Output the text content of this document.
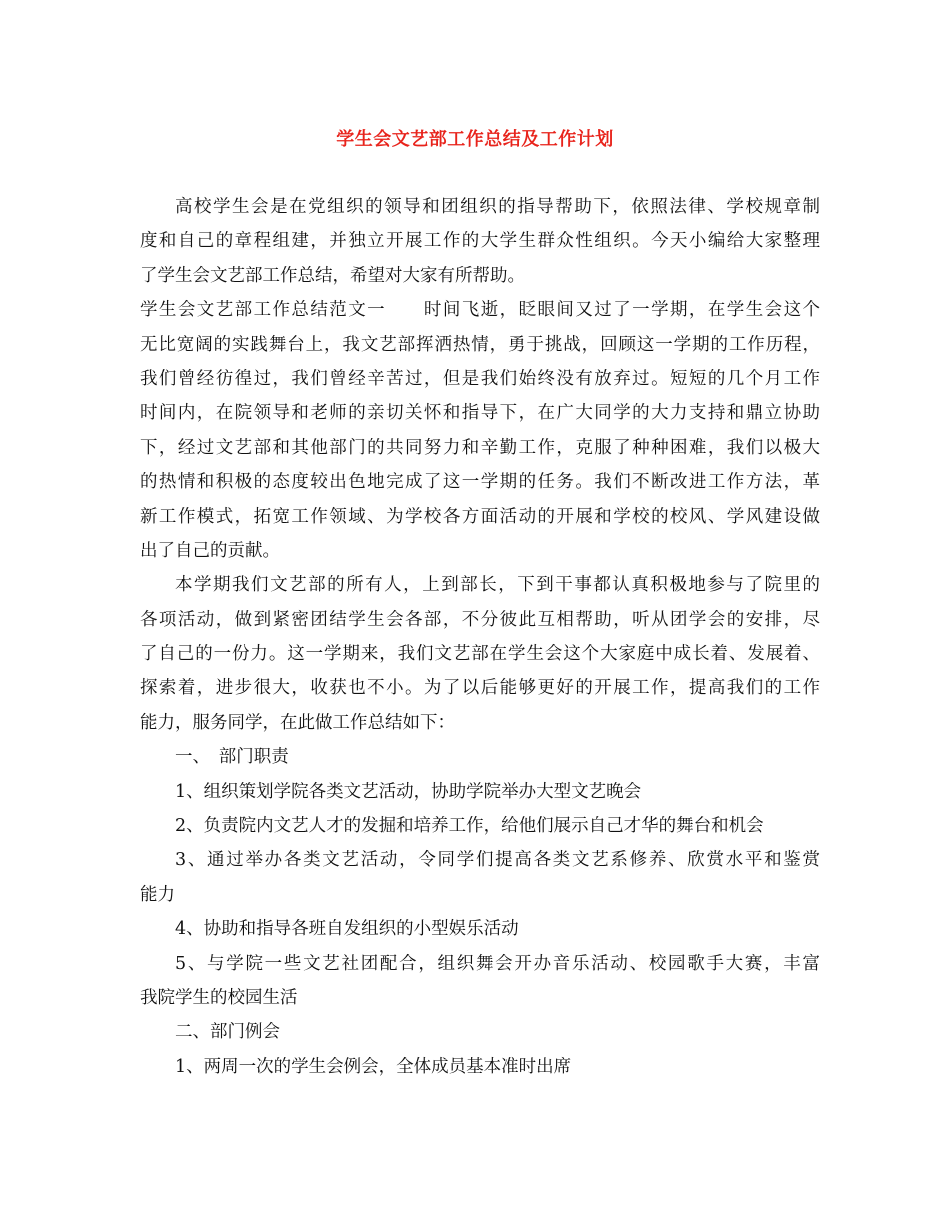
学生会文艺部工作总结及工作计划
高校学生会是在党组织的领导和团组织的指导帮助下，依照法律、学校规章制
度和自己的章程组建，并独立开展工作的大学生群众性组织。今天小编给大家整理
了学生会文艺部工作总结，希望对大家有所帮助。
学生会文艺部工作总结范文一　　时间飞逝，眨眼间又过了一学期，在学生会这个
无比宽阔的实践舞台上，我文艺部挥洒热情，勇于挑战，回顾这一学期的工作历程，
我们曾经彷徨过，我们曾经辛苦过，但是我们始终没有放弃过。短短的几个月工作
时间内，在院领导和老师的亲切关怀和指导下，在广大同学的大力支持和鼎立协助
下，经过文艺部和其他部门的共同努力和辛勤工作，克服了种种困难，我们以极大
的热情和积极的态度较出色地完成了这一学期的任务。我们不断改进工作方法，革
新工作模式，拓宽工作领域、为学校各方面活动的开展和学校的校风、学风建设做
出了自己的贡献。
本学期我们文艺部的所有人，上到部长，下到干事都认真积极地参与了院里的
各项活动，做到紧密团结学生会各部，不分彼此互相帮助，听从团学会的安排，尽
了自己的一份力。这一学期来，我们文艺部在学生会这个大家庭中成长着、发展着、
探索着，进步很大，收获也不小。为了以后能够更好的开展工作，提高我们的工作
能力，服务同学，在此做工作总结如下：
一、　部门职责
1、组织策划学院各类文艺活动，协助学院举办大型文艺晚会
2、负责院内文艺人才的发掘和培养工作，给他们展示自己才华的舞台和机会
3、通过举办各类文艺活动，令同学们提高各类文艺系修养、欣赏水平和鉴赏
能力
4、协助和指导各班自发组织的小型娱乐活动
5、与学院一些文艺社团配合，组织舞会开办音乐活动、校园歌手大赛，丰富
我院学生的校园生活
二、部门例会
1、两周一次的学生会例会，全体成员基本准时出席
